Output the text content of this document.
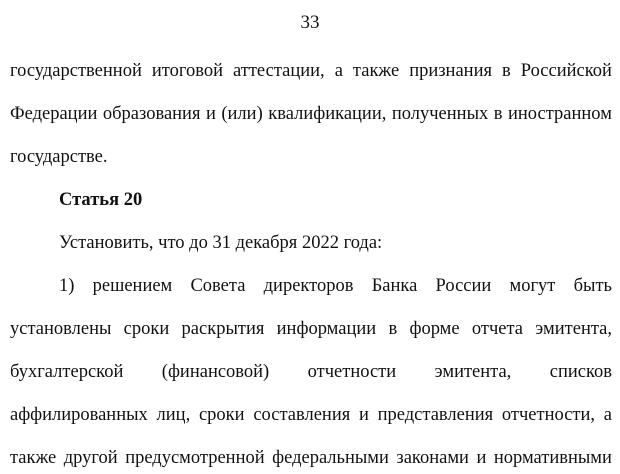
33
государственной итоговой аттестации, а также признания в Российской
Федерации образования и (или) квалификации, полученных в иностранном
государстве.
Статья 20
Установить, что до 31 декабря 2022 года:
1) решением Совета директоров Банка России могут быть
установлены сроки раскрытия информации в форме отчета эмитента,
бухгалтерской (финансовой) отчетности эмитента, списков
аффилированных лиц, сроки составления и представления отчетности, а
также другой предусмотренной федеральными законами и нормативными
